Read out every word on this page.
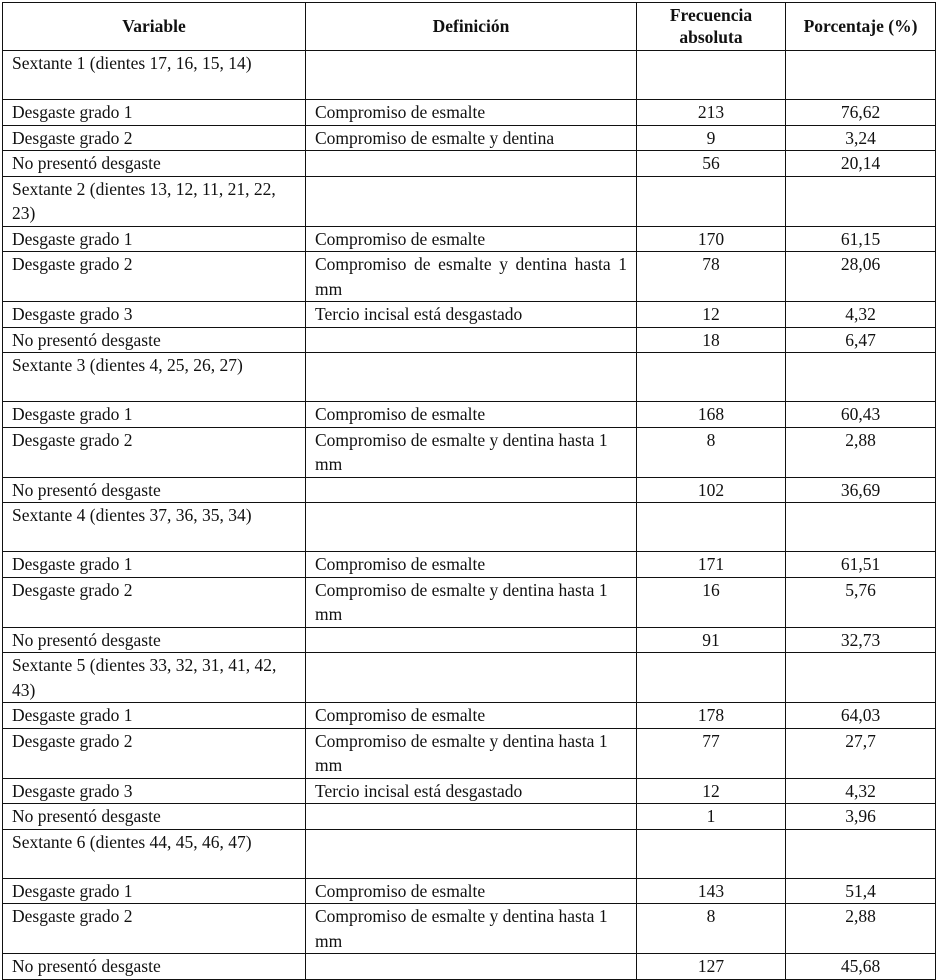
Variable	Definición	Frecuencia absoluta	Porcentaje (%)
Sextante 1 (dientes 17, 16, 15, 14)			
Desgaste grado 1	Compromiso de esmalte	213	76,62
Desgaste grado 2	Compromiso de esmalte y dentina	9	3,24
No presentó desgaste		56	20,14
Sextante 2 (dientes 13, 12, 11, 21, 22, 23)			
Desgaste grado 1	Compromiso de esmalte	170	61,15
Desgaste grado 2	Compromiso de esmalte y dentina hasta 1 mm	78	28,06
Desgaste grado 3	Tercio incisal está desgastado	12	4,32
No presentó desgaste		18	6,47
Sextante 3 (dientes 4, 25, 26, 27)			
Desgaste grado 1	Compromiso de esmalte	168	60,43
Desgaste grado 2	Compromiso de esmalte y dentina hasta 1 mm	8	2,88
No presentó desgaste		102	36,69
Sextante 4 (dientes 37, 36, 35, 34)			
Desgaste grado 1	Compromiso de esmalte	171	61,51
Desgaste grado 2	Compromiso de esmalte y dentina hasta 1 mm	16	5,76
No presentó desgaste		91	32,73
Sextante 5 (dientes 33, 32, 31, 41, 42, 43)			
Desgaste grado 1	Compromiso de esmalte	178	64,03
Desgaste grado 2	Compromiso de esmalte y dentina hasta 1 mm	77	27,7
Desgaste grado 3	Tercio incisal está desgastado	12	4,32
No presentó desgaste		1	3,96
Sextante 6 (dientes 44, 45, 46, 47)			
Desgaste grado 1	Compromiso de esmalte	143	51,4
Desgaste grado 2	Compromiso de esmalte y dentina hasta 1 mm	8	2,88
No presentó desgaste		127	45,68
